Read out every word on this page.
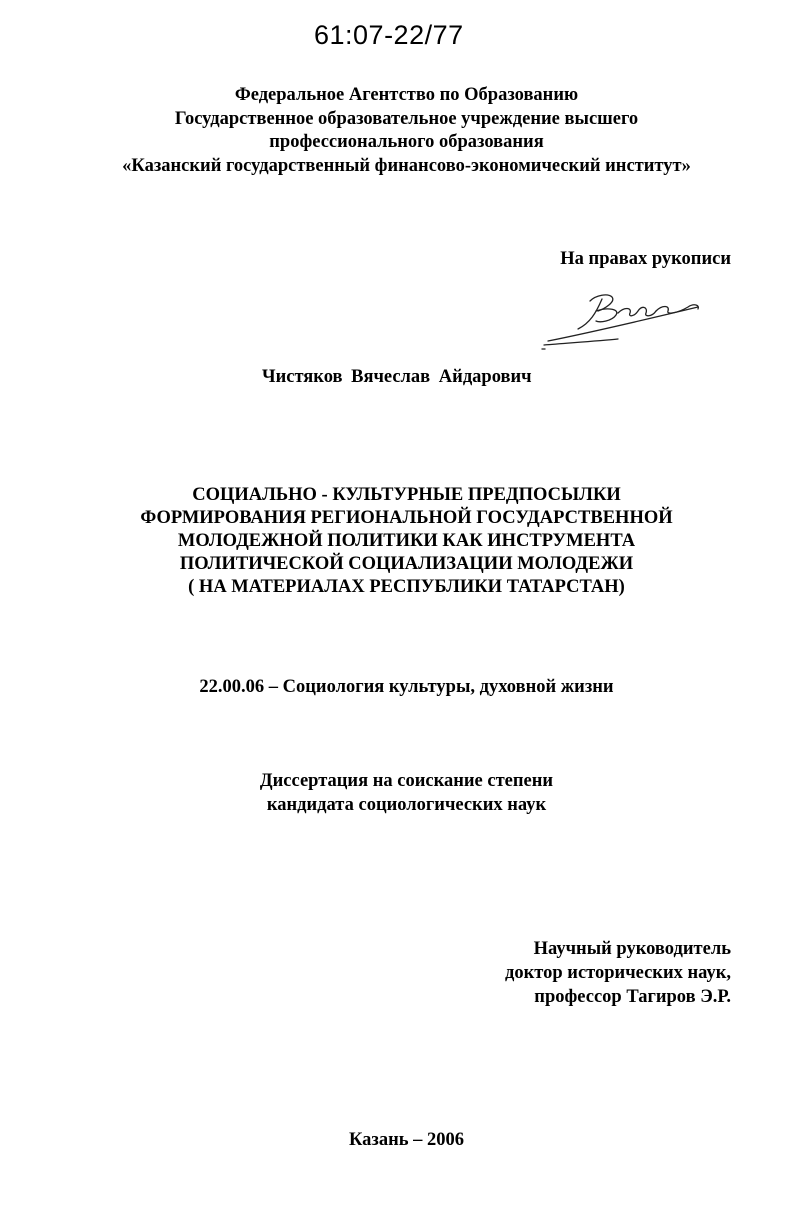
61:07-22/77
Федеральное Агентство по Образованию
Государственное образовательное учреждение высшего
профессионального образования
«Казанский государственный финансово-экономический институт»
На правах рукописи
Чистяков Вячеслав Айдарович
СОЦИАЛЬНО - КУЛЬТУРНЫЕ ПРЕДПОСЫЛКИ
ФОРМИРОВАНИЯ РЕГИОНАЛЬНОЙ ГОСУДАРСТВЕННОЙ
МОЛОДЕЖНОЙ ПОЛИТИКИ КАК ИНСТРУМЕНТА
ПОЛИТИЧЕСКОЙ СОЦИАЛИЗАЦИИ МОЛОДЕЖИ
( НА МАТЕРИАЛАХ РЕСПУБЛИКИ ТАТАРСТАН)
22.00.06 – Социология культуры, духовной жизни
Диссертация на соискание степени
кандидата социологических наук
Научный руководитель
доктор исторических наук,
профессор Тагиров Э.Р.
Казань – 2006
